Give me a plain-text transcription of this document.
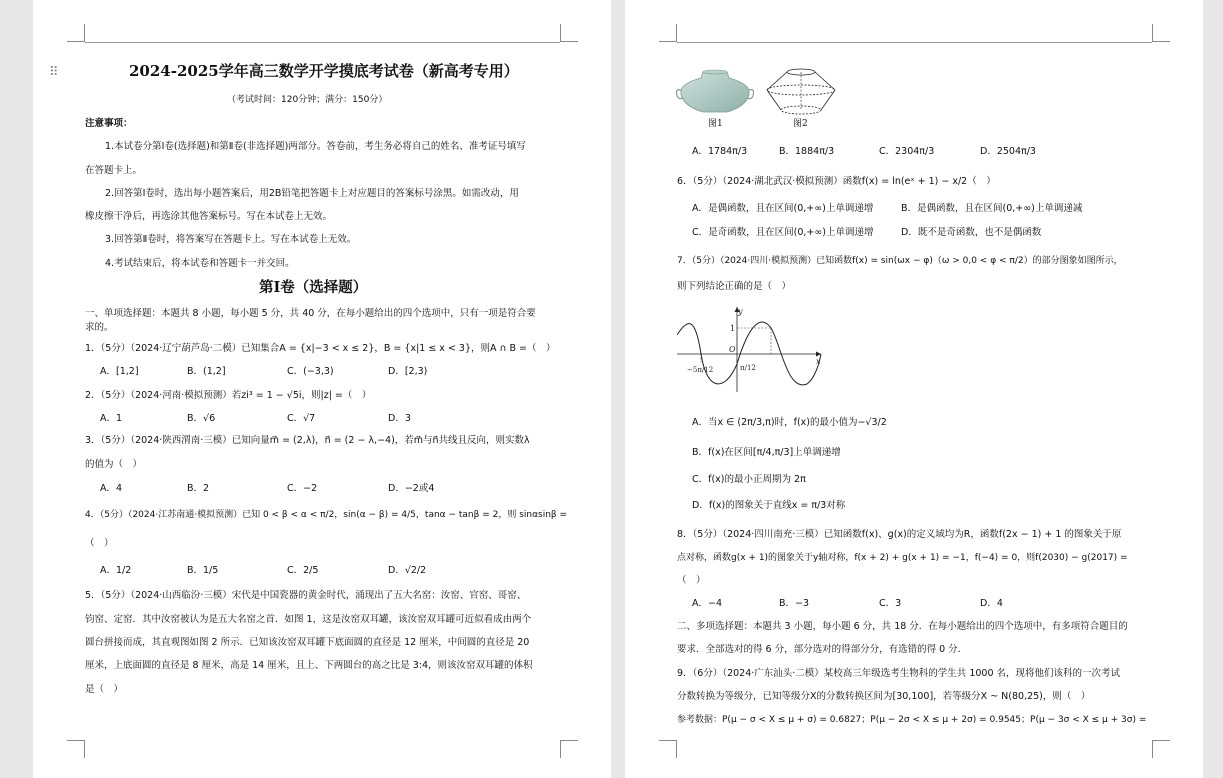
⠿	2024-2025学年高三数学开学摸底考试卷（新高考专用）
（考试时间：120分钟；满分：150分）
注意事项：
1.本试卷分第Ⅰ卷(选择题)和第Ⅱ卷(非选择题)两部分。答卷前，考生务必将自己的姓名、准考证号填写
在答题卡上。
2.回答第Ⅰ卷时，选出每小题答案后，用2B铅笔把答题卡上对应题目的答案标号涂黑。如需改动，用
橡皮擦干净后，再选涂其他答案标号。写在本试卷上无效。
3.回答第Ⅱ卷时，将答案写在答题卡上。写在本试卷上无效。
4.考试结束后，将本试卷和答题卡一并交回。
第Ⅰ卷（选择题）
一、单项选择题：本题共 8 小题，每小题 5 分，共 40 分，在每小题给出的四个选项中，只有一项是符合要
求的。
1．（5分）（2024·辽宁葫芦岛·二模）已知集合A = {x|−3 < x ≤ 2}，B = {x|1 ≤ x < 3}，则A ∩ B =（　）
A．[1,2]	B．(1,2]	C．(−3,3)	D．[2,3)
2．（5分）（2024·河南·模拟预测）若zi³ = 1 − √5i，则|z| =（　）
A．1	B．√6	C．√7	D．3
3．（5分）（2024·陕西渭南·三模）已知向量m⃗ = (2,λ)，n⃗ = (2 − λ,−4)，若m⃗与n⃗共线且反向，则实数λ
的值为（　）
A．4	B．2	C．−2	D．−2或4
4．（5分）（2024·江苏南通·模拟预测）已知 0 < β < α < π/2，sin(α − β) = 4/5，tanα − tanβ = 2，则 sinαsinβ =
（　）
A．1/2	B．1/5	C．2/5	D．√2/2
5．（5分）（2024·山西临汾·三模）宋代是中国瓷器的黄金时代，涌现出了五大名窑：汝窑、官窑、哥窑、
钧窑、定窑．其中汝窑被认为是五大名窑之首．如图 1，这是汝窑双耳罐，该汝窑双耳罐可近似看成由两个
圆台拼接而成，其直观图如图 2 所示．已知该汝窑双耳罐下底面圆的直径是 12 厘米，中间圆的直径是 20
厘米，上底面圆的直径是 8 厘米，高是 14 厘米，且上、下两圆台的高之比是 3:4，则该汝窑双耳罐的体积
是（　）
图1	图2
A．1784π/3	B．1884π/3	C．2304π/3	D．2504π/3
6．（5分）（2024·湖北武汉·模拟预测）函数f(x) = ln(eˣ + 1) − x/2（　）
A．是偶函数，且在区间(0,+∞)上单调递增	B．是偶函数，且在区间(0,+∞)上单调递减
C．是奇函数，且在区间(0,+∞)上单调递增	D．既不是奇函数，也不是偶函数
7．（5分）（2024·四川·模拟预测）已知函数f(x) = sin(ωx − φ)（ω > 0,0 < φ < π/2）的部分图象如图所示，
则下列结论正确的是（　）
y
x
O
1
−5π/12	π/12
A．当x ∈ (2π/3,π)时，f(x)的最小值为−√3/2
B．f(x)在区间[π/4,π/3]上单调递增
C．f(x)的最小正周期为 2π
D．f(x)的图象关于直线x = π/3对称
8．（5分）（2024·四川南充·三模）已知函数f(x)、g(x)的定义域均为R，函数f(2x − 1) + 1 的图象关于原
点对称，函数g(x + 1)的图象关于y轴对称，f(x + 2) + g(x + 1) = −1，f(−4) = 0，则f(2030) − g(2017) =
（　）
A．−4	B．−3	C．3	D．4
二、多项选择题：本题共 3 小题，每小题 6 分，共 18 分．在每小题给出的四个选项中，有多项符合题目的
要求．全部选对的得 6 分，部分选对的得部分分，有选错的得 0 分．
9．（6分）（2024·广东汕头·二模）某校高三年级选考生物科的学生共 1000 名，现将他们该科的一次考试
分数转换为等级分，已知等级分X的分数转换区间为[30,100]，若等级分X ~ N(80,25)，则（　）
参考数据：P(μ − σ < X ≤ μ + σ) = 0.6827；P(μ − 2σ < X ≤ μ + 2σ) = 0.9545；P(μ − 3σ < X ≤ μ + 3σ) =
